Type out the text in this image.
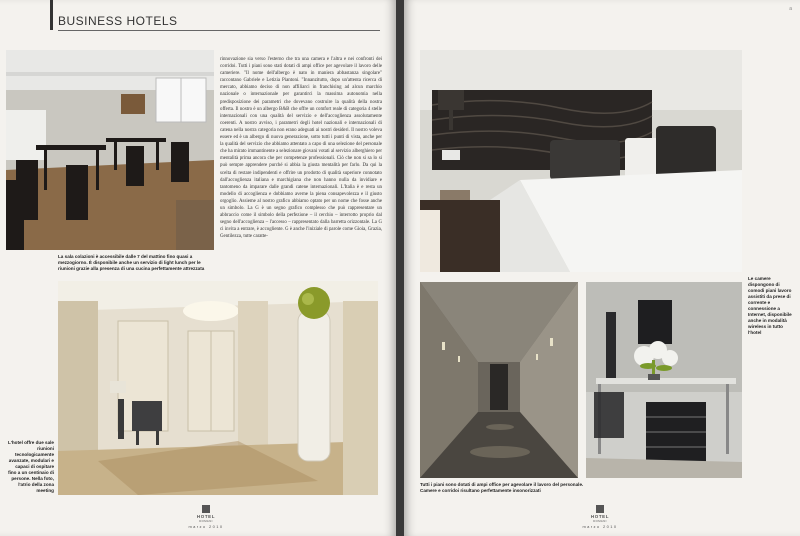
BUSINESS HOTELS
La sala colazioni è accessibile dalle 7 del mattino fino quasi a mezzogiorno. È disponibile anche un servizio di light lunch per le riunioni grazie alla presenza di una cucina perfettamente attrezzata

rinnovazione sia verso l'esterno che tra una camera e l'altra e nei confronti dei corridoi. Tutti i piani sono stati dotati di ampi office per agevolare il lavoro delle cameriere. "Il nome dell'albergo è nato in maniera abbastanza singolare" raccontano Gabriele e Letizia Piantoni. "Innanzitutto, dopo un'attenta ricerca di mercato, abbiamo deciso di non affiliarci in franchising ad alcun marchio nazionale o internazionale per garantirci la massima autonomia nella predisposizione dei parametri che dovevano costruire la qualità della nostra offerta. Il nostro è un albergo B&B che offre un comfort reale di categoria 4 stelle internazionali con una qualità del servizio e dell'accoglienza assolutamente coerenti. A nostro avviso, i parametri degli hotel nazionali e internazionali di catena nella nostra categoria non erano adeguati ai nostri desideri. Il nostro voleva essere ed è un albergo di nuova generazione, sotto tutti i punti di vista, anche per la qualità del servizio che abbiamo attentato a capo di una selezione del personale che ha mirato immantinente a selezionare giovani votati al servizio alberghiero per mentalità prima ancora che per competenze professionali. Ciò che non si sa lo si può sempre apprendere purché si abbia la giusta mentalità per farlo. Da qui la scelta di restare indipendenti e offrire un prodotto di qualità superiore connotato dall'accoglienza italiana e marchigiana che non hanno nulla da invidiare e tantomeno da imparare dalle grandi catene internazionali. L'Italia è e resta un modello di accoglienza e dobbiamo averne la piena consapevolezza e il giusto orgoglio. Assieme al nostro grafico abbiamo optato per un nome che fosse anche un simbolo. La G è un segno grafico complesso che può rappresentare un abbraccio come il simbolo della perfezione – il cerchio – interrotto proprio dal segno dell'accoglienza – l'accesso – rappresentato dalla barretta orizzontale. La G ci invita a entrare, è accogliente. G è anche l'iniziale di parole come Gioia, Grazia, Gentilezza, tutte caratte-

L'hotel offre due sale riunioni tecnologicamente avanzate, modulari e capaci di ospitare fino a un centinaio di persone. Nella foto, l'atrio della zona meeting
HOTEL
DOMANI
marzo 2010
a
Le camere dispongono di comodi piani lavoro assistiti da prese di corrente e connessione a Internet, disponibile anche in modalità wireless in tutto l'hotel
Tutti i piani sono dotati di ampi office per agevolare il lavoro del personale. Camere e corridoi risultano perfettamente insonorizzati
HOTEL
DOMANI
marzo 2010
